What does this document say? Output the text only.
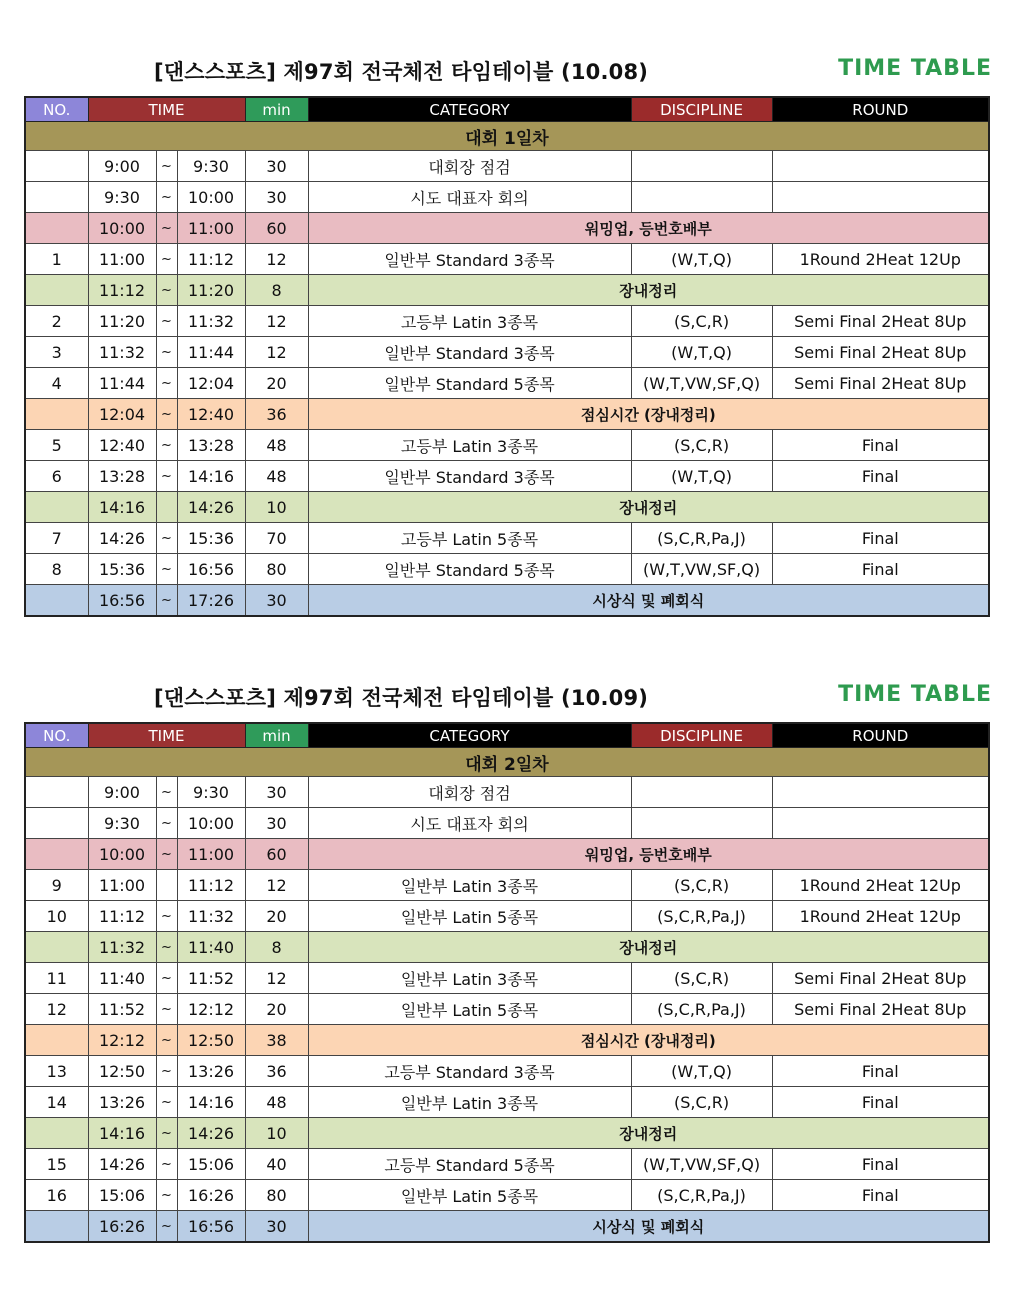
[댄스스포츠] 제97회 전국체전 타임테이블 (10.08)	TIME TABLE
NO.	TIME			min	CATEGORY	DISCIPLINE	ROUND
대회 1일차							
	9:00	~	9:30	30	대회장 점검		
	9:30	~	10:00	30	시도 대표자 회의		
	10:00	~	11:00	60	워밍업, 등번호배부		
1	11:00	~	11:12	12	일반부 Standard 3종목	(W,T,Q)	1Round 2Heat 12Up
	11:12	~	11:20	8	장내정리		
2	11:20	~	11:32	12	고등부 Latin 3종목	(S,C,R)	Semi Final 2Heat 8Up
3	11:32	~	11:44	12	일반부 Standard 3종목	(W,T,Q)	Semi Final 2Heat 8Up
4	11:44	~	12:04	20	일반부 Standard 5종목	(W,T,VW,SF,Q)	Semi Final 2Heat 8Up
	12:04	~	12:40	36	점심시간 (장내정리)		
5	12:40	~	13:28	48	고등부 Latin 3종목	(S,C,R)	Final
6	13:28	~	14:16	48	일반부 Standard 3종목	(W,T,Q)	Final
	14:16		14:26	10	장내정리		
7	14:26	~	15:36	70	고등부 Latin 5종목	(S,C,R,Pa,J)	Final
8	15:36	~	16:56	80	일반부 Standard 5종목	(W,T,VW,SF,Q)	Final
	16:56	~	17:26	30	시상식 및 폐회식		
[댄스스포츠] 제97회 전국체전 타임테이블 (10.09)	TIME TABLE
NO.	TIME			min	CATEGORY	DISCIPLINE	ROUND
대회 2일차							
	9:00	~	9:30	30	대회장 점검		
	9:30	~	10:00	30	시도 대표자 회의		
	10:00	~	11:00	60	워밍업, 등번호배부		
9	11:00		11:12	12	일반부 Latin 3종목	(S,C,R)	1Round 2Heat 12Up
10	11:12	~	11:32	20	일반부 Latin 5종목	(S,C,R,Pa,J)	1Round 2Heat 12Up
	11:32	~	11:40	8	장내정리		
11	11:40	~	11:52	12	일반부 Latin 3종목	(S,C,R)	Semi Final 2Heat 8Up
12	11:52	~	12:12	20	일반부 Latin 5종목	(S,C,R,Pa,J)	Semi Final 2Heat 8Up
	12:12	~	12:50	38	점심시간 (장내정리)		
13	12:50	~	13:26	36	고등부 Standard 3종목	(W,T,Q)	Final
14	13:26	~	14:16	48	일반부 Latin 3종목	(S,C,R)	Final
	14:16	~	14:26	10	장내정리		
15	14:26	~	15:06	40	고등부 Standard 5종목	(W,T,VW,SF,Q)	Final
16	15:06	~	16:26	80	일반부 Latin 5종목	(S,C,R,Pa,J)	Final
	16:26	~	16:56	30	시상식 및 폐회식		
